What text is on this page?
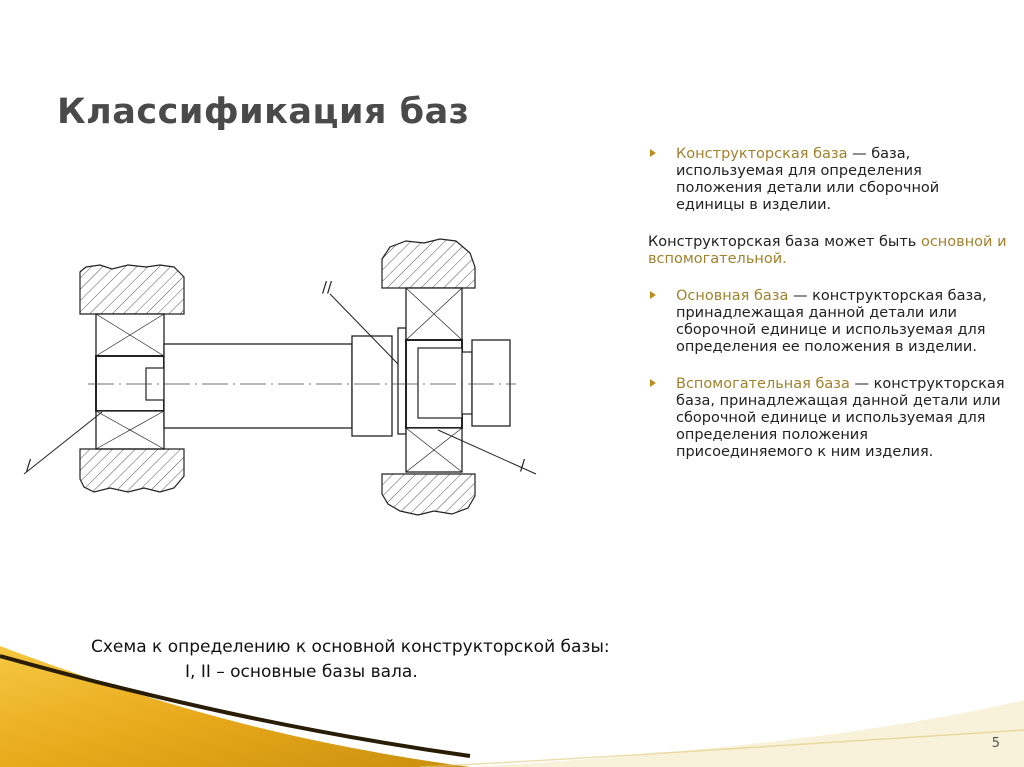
Классификация баз
Конструкторская база — база, используемая для определения положения детали или сборочной единицы в изделии.
Конструкторская база может быть основной и вспомогательной.
Основная база — конструкторская база, принадлежащая данной детали или сборочной единице и используемая для определения ее положения в изделии.
Вспомогательная база — конструкторская база, принадлежащая данной детали или сборочной единице и используемая для определения положения присоединяемого к ним изделия.
//
/	/
Схема к определению к основной конструкторской базы:
I, II – основные базы вала.
5
